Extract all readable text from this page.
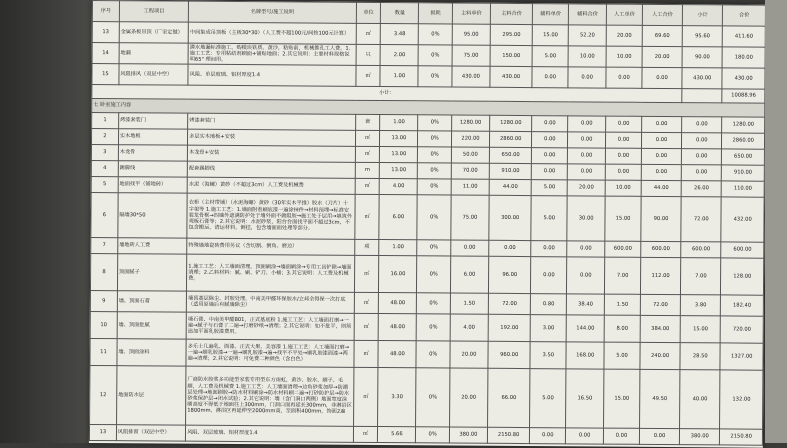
序号	工程项目	名牌型号/施工说明	单位	数量	损耗	主料单价	主料合价	辅料单价	辅料合价	人工单价	人工合价	小计	合价
13	金属条板吊顶（厂家定做）	中间集成吊顶板（主板30*30）（人工费不超100元/间按100元计算）	㎡	3.48	0%	95.00	295.00	15.00	52.20	20.00	69.60	95.60	411.60
14	地漏	潜水地漏标准施工，购模块铁质、黄沙，粘贴前，机械推孔工人费。1.施工工艺：专用粘结剂刷面+铺贴地面；2.其它说明：主要材料规格说明65" 理间用。	只	2.00	0%	75.00	150.00	5.00	10.00	10.00	20.00	90.00	180.00
15	风阻排风（双层中空）	风阻、单层玻璃、铝材厚度1.4	㎡	1.00	0%	430.00	430.00	0.00	0.00	0.00	0.00	430.00	430.00
小计：													10088.96
七 卧室施工内容													
1	烤漆套装门	烤漆套装门	套	1.00	0%	1280.00	1280.00	0.00	0.00	0.00	0.00	0.00	1280.00
2	实木地板	多层实木地板+安装	㎡	13.00	0%	220.00	2860.00	0.00	0.00	0.00	0.00	0.00	2860.00
3	木龙骨	木龙骨+安装	㎡	13.00	0%	50.00	650.00	0.00	0.00	0.00	0.00	0.00	650.00
4	踢脚线	配套踢脚线	m	13.00	0%	70.00	910.00	0.00	0.00	0.00	0.00	0.00	910.00
5	地面找平（铺地砖）	水泥（海螺）黄砂（不超过3cm）人工费及机械费	㎡	4.00	0%	11.00	44.00	5.00	20.00	10.00	44.00	26.00	110.00
6	隔墙30*50	衣柜（主材带铺）（水泥海螺）黄砂（30年实木平推）胶水（刀片）十字架等 1.施工工艺：1.墙面附着刷底漆一遍涂抹件→材料预埋→标准安装龙骨框→四墙外遮满防护处于墙外面不做阻胶→施工处于层用→填筑外观板石膏等；2.其它说明：水泥砂浆，阳台台面找平面不超过3cm，不包含搬运，清运材料，倒挂，包含墙面面处理等部分。	㎡	6.00	0%	75.00	300.00	5.00	30.00	15.00	90.00	72.00	432.00
7	墙地砖人工费	特殊墙地瓷砖费用另议（含切割、倒角、磨边）	项	1.00	0%	0.00	0.00	0.00	0.00	600.00	600.00	600.00	600.00
8	顶面腻子	1.施工工艺：人工墙面清理，顶面刷涂→墙面刷涂→专用工具铲除→墙面清理；2.乙料材料：腻、刷、铲刀、小桶；3.其它说明：人工费及机械费。	㎡	16.00	0%	6.00	96.00	0.00	0.00	7.00	112.00	7.00	128.00
9	墙、顶面石膏	墙顶基层除尘、封胶处理，中南美甲醛环保胶水/立邦全得保一次打底（适用原墙后有腻墙除尘）	㎡	48.00	0%	1.50	72.00	0.80	38.40	1.50	72.00	3.80	182.40
10	墙、顶面批腻	墙石膏、中南美甲醛801，正式基底粉 1.施工工艺：人工墙面打磨→一遍→腻子与石膏了二遍→打磨砂纸→清理；2.其它说明：如不批平，则须追加平面乳胶漆费用。	㎡	48.00	0%	4.00	192.00	3.00	144.00	8.00	384.00	15.00	720.00
11	墙、顶面涂料	多乐士几遍乳、面漆、正式大果、美容漆 1.施工工艺：人工墙面打磨→一遍→刷乳胶漆→一遍→刷乳胶漆→遍→找平不平处→刷乳胶漆面漆→两遍→清理；2.其它说明：可免费二种颜色（含白色）	㎡	48.00	0%	20.00	960.00	3.50	168.00	5.00	240.00	28.50	1327.00
12	地面防水层	厂商防水胶浆多功能型家装专用型东方雨虹，黄沙、胶水、刷子、毛刷，人工费及机械费 1.施工工艺：人工墙面清理→边角砂浆加厚→防潮层处理→地面刷胶→防水材料刷涂→防水材料刷二遍→打砂防护层→防水砂浆保护层→闭水试验；2.其它说明：墙（含门洞口两侧）地面宽度涂刷高度不得低于地面往上300mm，门洞口面再延长300mm，非淋浴区1800mm，淋浴区再延伸至2000mm高，至面积400mm，饰面2遍	㎡	3.30	0%	20.00	66.00	5.00	16.50	15.00	49.50	40.00	132.00
13	风阻排窗（双层中空）	风阻、双层玻璃、铝材厚度1.4	㎡	5.66	0%	380.00	2150.80	0.00	0.00	0.00	0.00	380.00	2150.80
